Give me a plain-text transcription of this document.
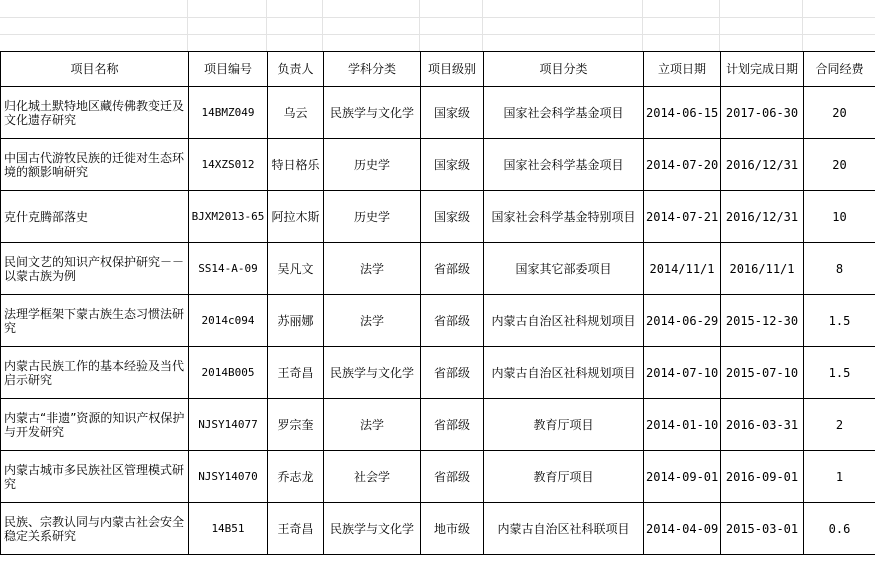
项目名称	项目编号	负责人	学科分类	项目级别	项目分类	立项日期	计划完成日期	合同经费
归化城土默特地区藏传佛教变迁及文化遗存研究	14BMZ049	乌云	民族学与文化学	国家级	国家社会科学基金项目	2014-06-15	2017-06-30	20
中国古代游牧民族的迁徙对生态环境的额影响研究	14XZS012	特日格乐	历史学	国家级	国家社会科学基金项目	2014-07-20	2016/12/31	20
克什克腾部落史	BJXM2013-65	阿拉木斯	历史学	国家级	国家社会科学基金特别项目	2014-07-21	2016/12/31	10
民间文艺的知识产权保护研究－－以蒙古族为例	SS14-A-09	吴凡文	法学	省部级	国家其它部委项目	2014/11/1	2016/11/1	8
法理学框架下蒙古族生态习惯法研究	2014c094	苏丽娜	法学	省部级	内蒙古自治区社科规划项目	2014-06-29	2015-12-30	1.5
内蒙古民族工作的基本经验及当代启示研究	2014B005	王奇昌	民族学与文化学	省部级	内蒙古自治区社科规划项目	2014-07-10	2015-07-10	1.5
内蒙古“非遗”资源的知识产权保护与开发研究	NJSY14077	罗宗奎	法学	省部级	教育厅项目	2014-01-10	2016-03-31	2
内蒙古城市多民族社区管理模式研究	NJSY14070	乔志龙	社会学	省部级	教育厅项目	2014-09-01	2016-09-01	1
民族、宗教认同与内蒙古社会安全稳定关系研究	14B51	王奇昌	民族学与文化学	地市级	内蒙古自治区社科联项目	2014-04-09	2015-03-01	0.6
